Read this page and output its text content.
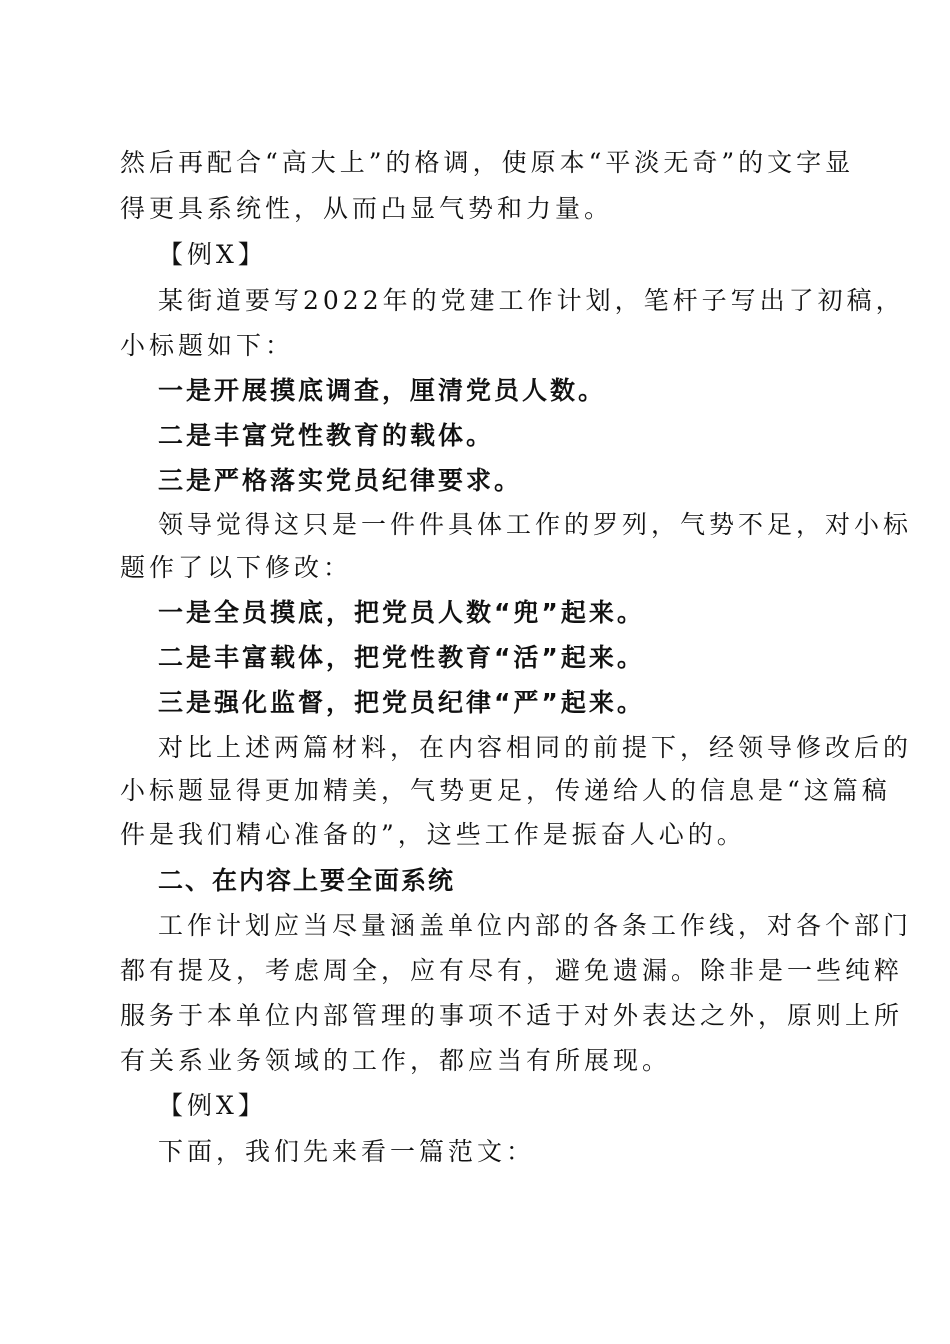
然后再配合“高大上”的格调，使原本“平淡无奇”的文字显

得更具系统性，从而凸显气势和力量。

【例X】

某街道要写2022年的党建工作计划，笔杆子写出了初稿，

小标题如下：

一是开展摸底调查，厘清党员人数。

二是丰富党性教育的载体。

三是严格落实党员纪律要求。

领导觉得这只是一件件具体工作的罗列，气势不足，对小标

题作了以下修改：

一是全员摸底，把党员人数“兜”起来。

二是丰富载体，把党性教育“活”起来。

三是强化监督，把党员纪律“严”起来。

对比上述两篇材料，在内容相同的前提下，经领导修改后的

小标题显得更加精美，气势更足，传递给人的信息是“这篇稿

件是我们精心准备的”，这些工作是振奋人心的。

二、在内容上要全面系统

工作计划应当尽量涵盖单位内部的各条工作线，对各个部门

都有提及，考虑周全，应有尽有，避免遗漏。除非是一些纯粹

服务于本单位内部管理的事项不适于对外表达之外，原则上所

有关系业务领域的工作，都应当有所展现。

【例X】

下面，我们先来看一篇范文：
